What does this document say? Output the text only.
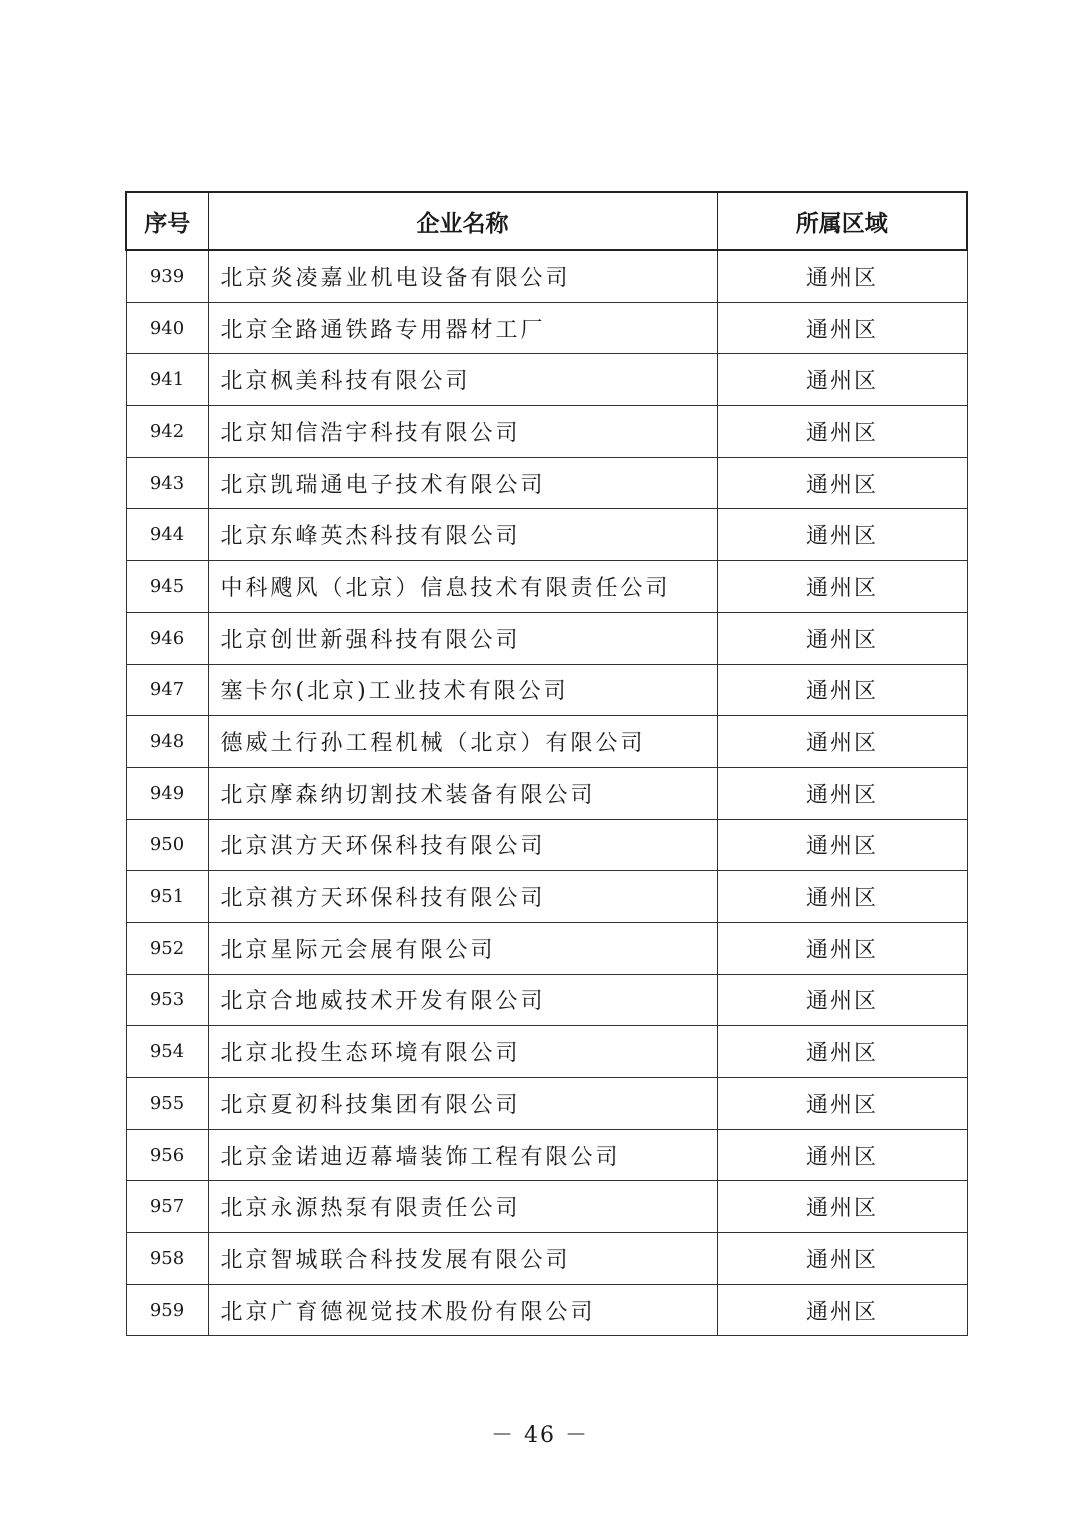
序号	企业名称	所属区域
939	北京炎凌嘉业机电设备有限公司	通州区
940	北京全路通铁路专用器材工厂	通州区
941	北京枫美科技有限公司	通州区
942	北京知信浩宇科技有限公司	通州区
943	北京凯瑞通电子技术有限公司	通州区
944	北京东峰英杰科技有限公司	通州区
945	中科飕风（北京）信息技术有限责任公司	通州区
946	北京创世新强科技有限公司	通州区
947	塞卡尔(北京)工业技术有限公司	通州区
948	德威土行孙工程机械（北京）有限公司	通州区
949	北京摩森纳切割技术装备有限公司	通州区
950	北京淇方天环保科技有限公司	通州区
951	北京祺方天环保科技有限公司	通州区
952	北京星际元会展有限公司	通州区
953	北京合地威技术开发有限公司	通州区
954	北京北投生态环境有限公司	通州区
955	北京夏初科技集团有限公司	通州区
956	北京金诺迪迈幕墙装饰工程有限公司	通州区
957	北京永源热泵有限责任公司	通州区
958	北京智城联合科技发展有限公司	通州区
959	北京广育德视觉技术股份有限公司	通州区
－ 46 －
